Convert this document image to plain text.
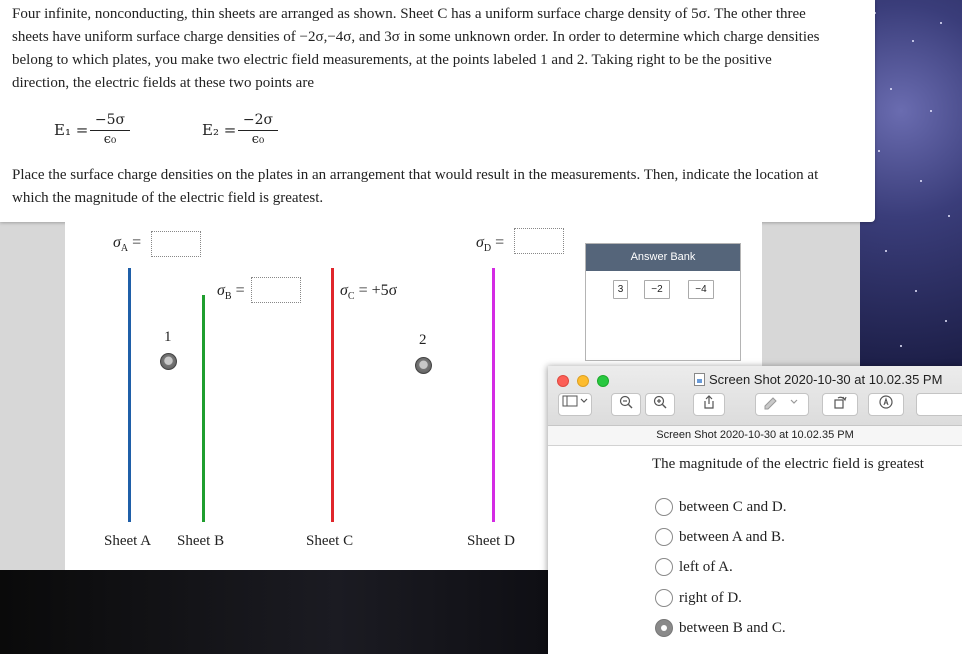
Four infinite, nonconducting, thin sheets are arranged as shown. Sheet C has a uniform surface charge density of 5σ. The other three sheets have uniform surface charge densities of −2σ,−4σ, and 3σ in some unknown order. In order to determine which charge densities belong to which plates, you make two electric field measurements, at the points labeled 1 and 2. Taking right to be the positive direction, the electric fields at these two points are
$E_1 = \frac{-5\sigma}{\text{ϵ₀}}$	$E_2 = \frac{-2\sigma}{\text{ϵ₀}}$
Place the surface charge densities on the plates in an arrangement that would result in the measurements. Then, indicate the location at which the magnitude of the electric field is greatest.
$\sigma_A$ =
$\sigma_B$ =	$\sigma_C = +5\sigma$
$\sigma_D$ =
1	2
Sheet A Sheet B	Sheet C	Sheet D
Answer Bank
3	−2	−4
Screen Shot 2020-10-30 at 10.02.35 PM
Screen Shot 2020-10-30 at 10.02.35 PM
The magnitude of the electric field is greatest
between C and D.
between A and B.
left of A.
right of D.
between B and C.
